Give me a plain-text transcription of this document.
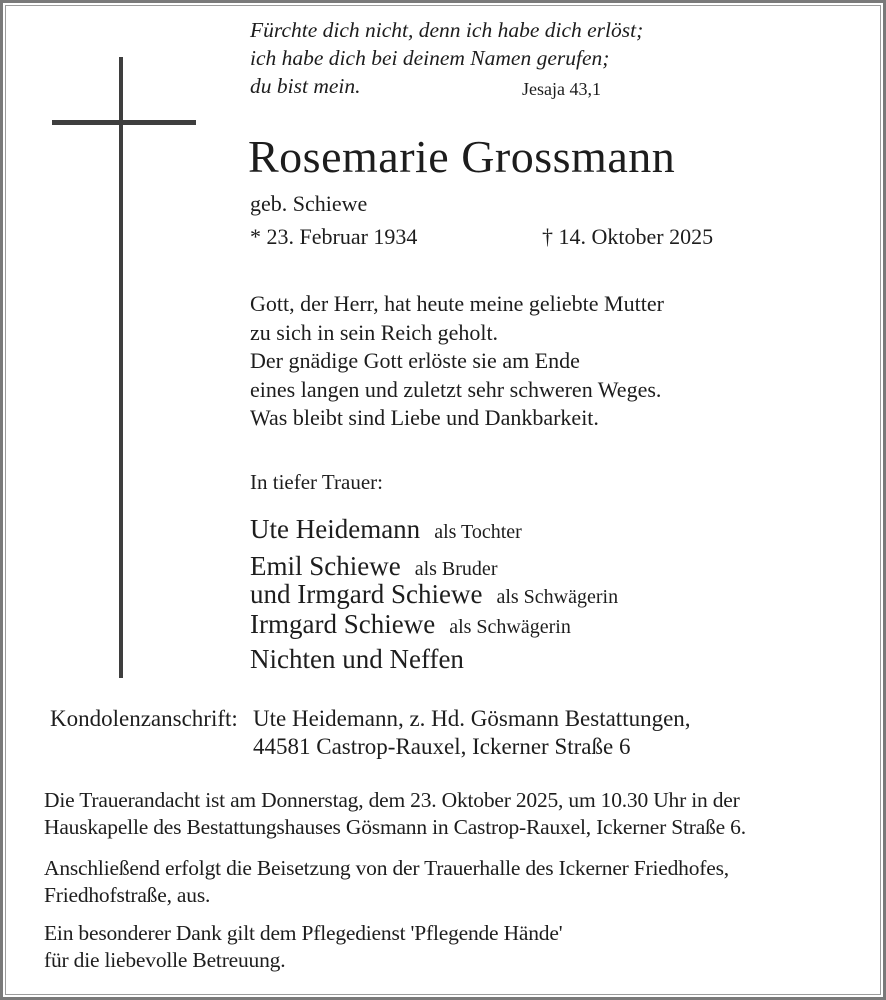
Fürchte dich nicht, denn ich habe dich erlöst;
ich habe dich bei deinem Namen gerufen;
du bist mein.	Jesaja 43,1
Rosemarie Grossmann
geb. Schiewe
* 23. Februar 1934	† 14. Oktober 2025
Gott, der Herr, hat heute meine geliebte Mutter
zu sich in sein Reich geholt.
Der gnädige Gott erlöste sie am Ende
eines langen und zuletzt sehr schweren Weges.
Was bleibt sind Liebe und Dankbarkeit.
In tiefer Trauer:
Ute Heidemann als Tochter
Emil Schiewe als Bruder
und Irmgard Schiewe als Schwägerin
Irmgard Schiewe als Schwägerin
Nichten und Neffen
Kondolenzanschrift: Ute Heidemann, z. Hd. Gösmann Bestattungen,
44581 Castrop-Rauxel, Ickerner Straße 6
Die Trauerandacht ist am Donnerstag, dem 23. Oktober 2025, um 10.30 Uhr in der
Hauskapelle des Bestattungshauses Gösmann in Castrop-Rauxel, Ickerner Straße 6.
Anschließend erfolgt die Beisetzung von der Trauerhalle des Ickerner Friedhofes,
Friedhofstraße, aus.
Ein besonderer Dank gilt dem Pflegedienst 'Pflegende Hände'
für die liebevolle Betreuung.
